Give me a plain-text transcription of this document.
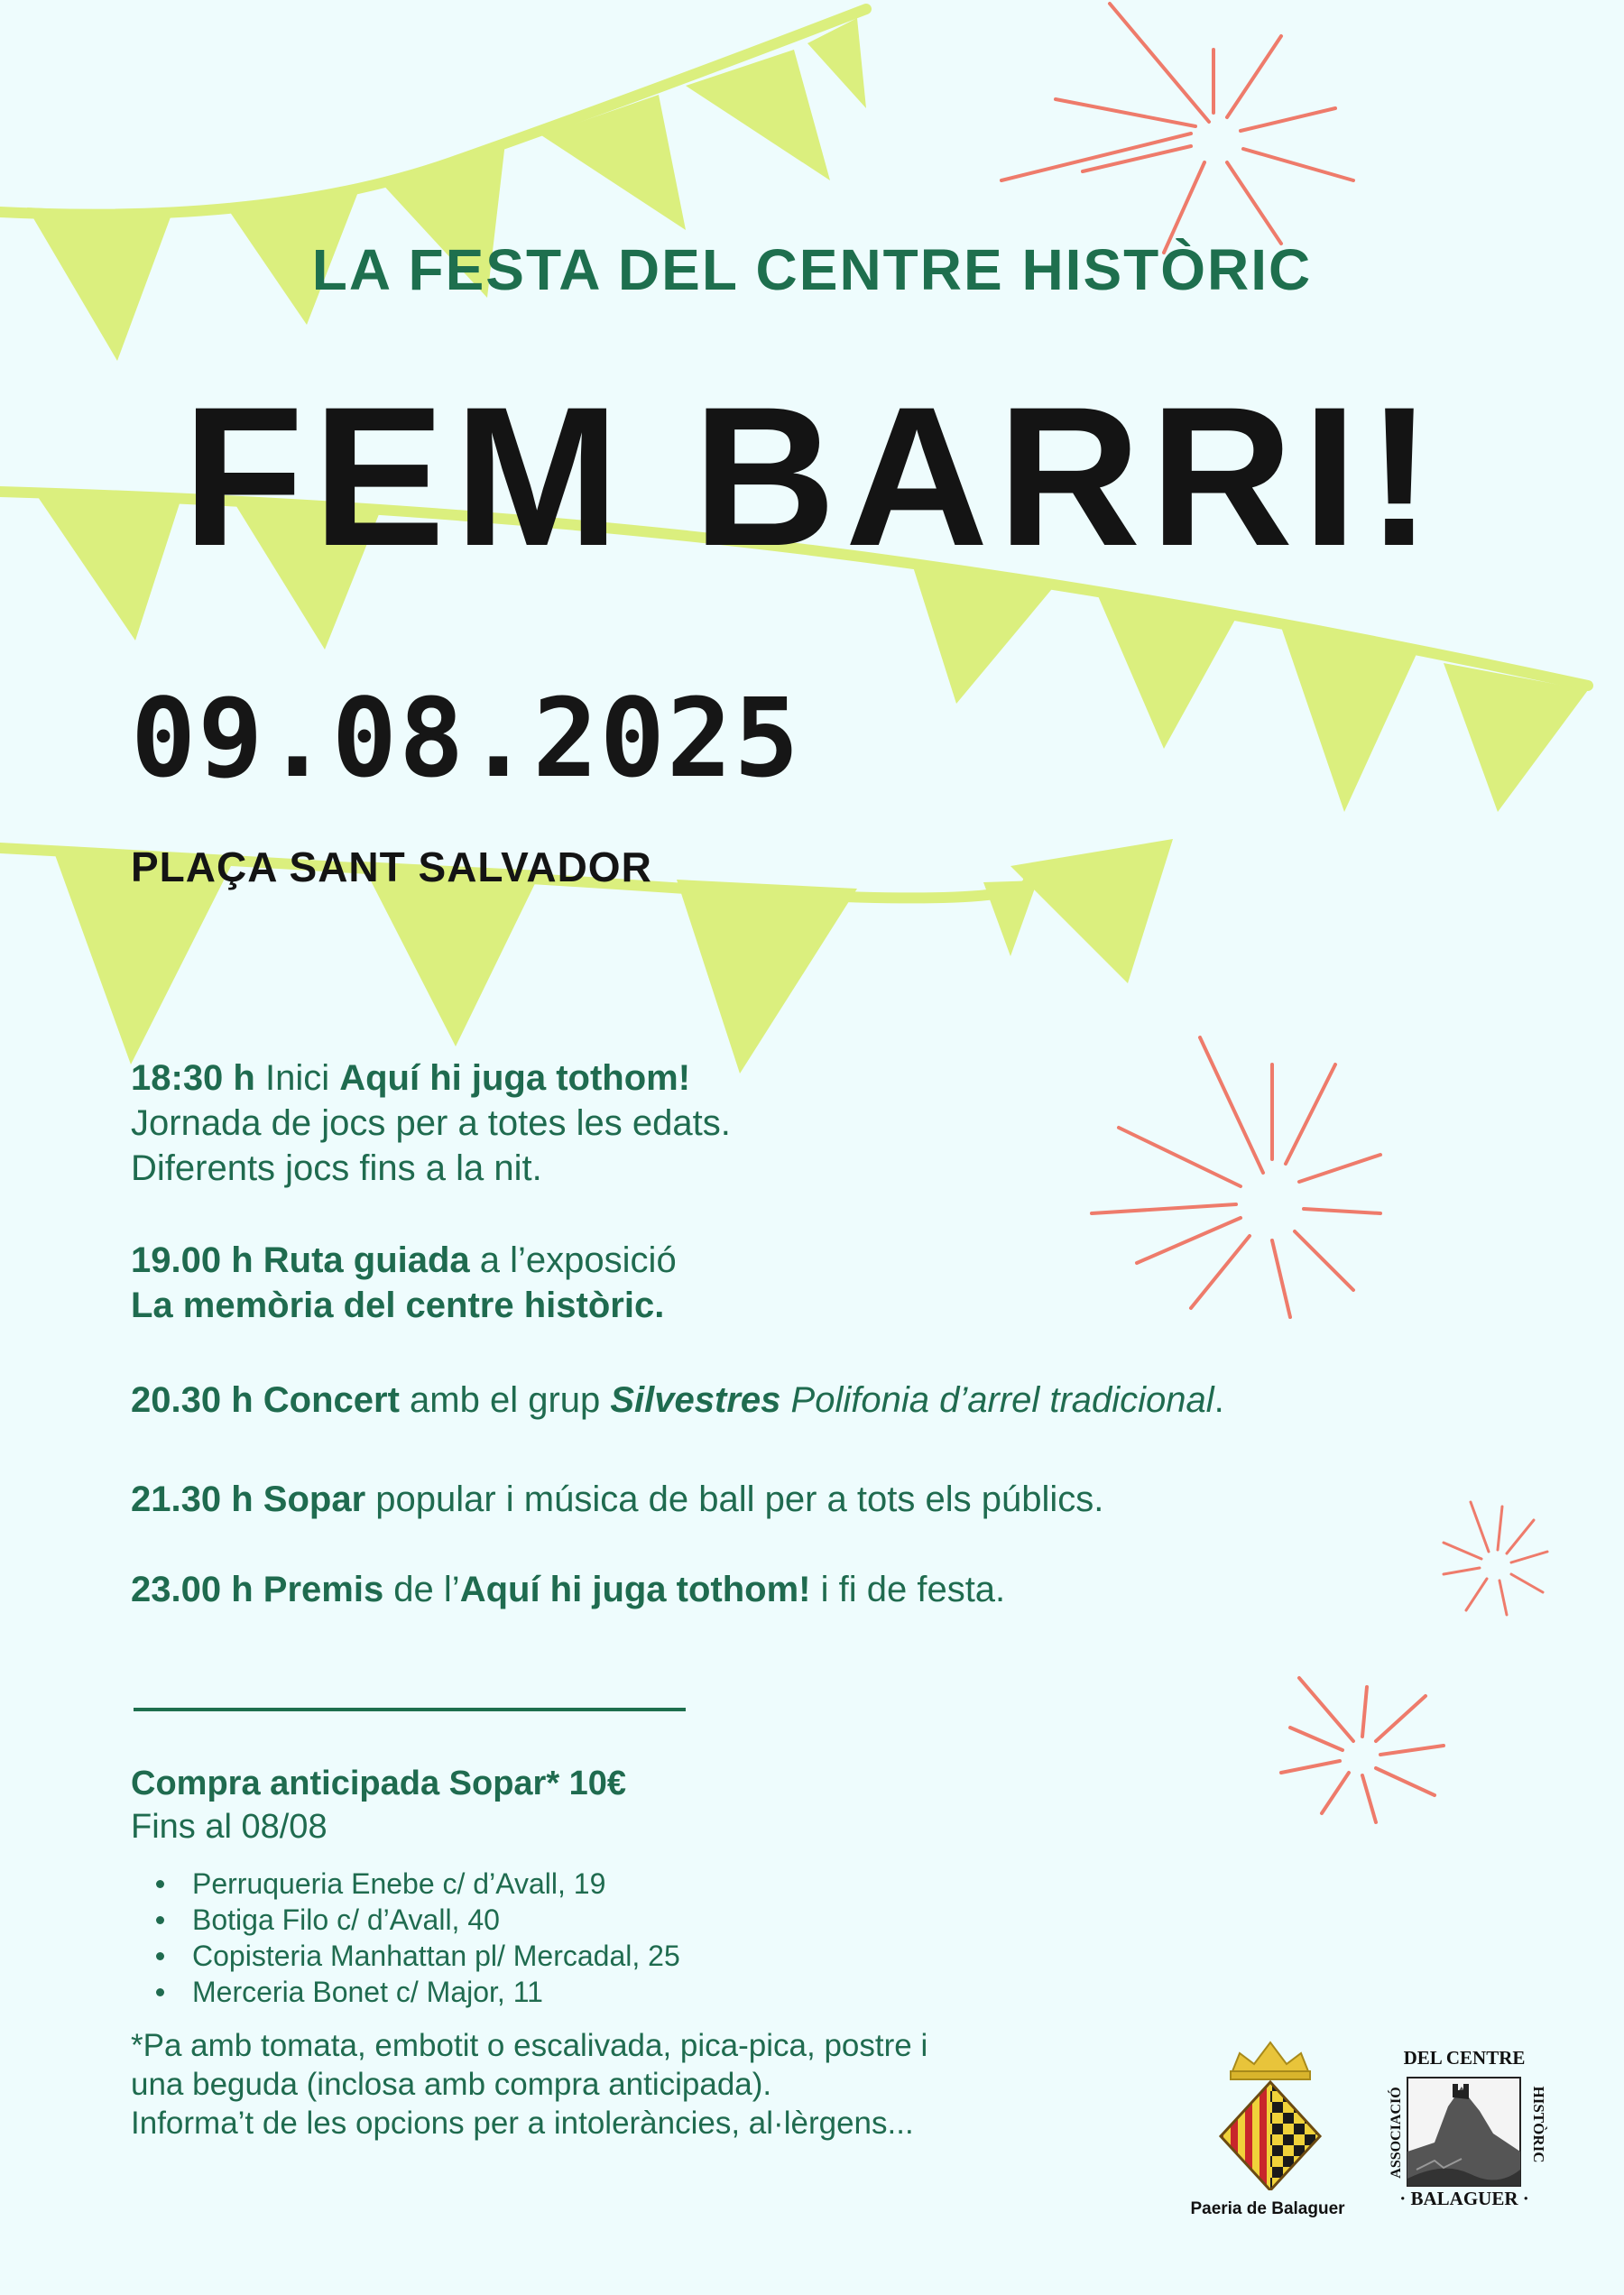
LA FESTA DEL CENTRE HISTÒRIC
FEM BARRI!
09.08.2025
PLAÇA SANT SALVADOR
18:30 h Inici Aquí hi juga tothom!
Jornada de jocs per a totes les edats.
Diferents jocs fins a la nit.
19.00 h Ruta guiada a l’exposició
La memòria del centre històric.
20.30 h Concert amb el grup Silvestres Polifonia d’arrel tradicional.
21.30 h Sopar popular i música de ball per a tots els públics.
23.00 h Premis de l’Aquí hi juga tothom! i fi de festa.
Compra anticipada Sopar* 10€
Fins al 08/08
Perruqueria Enebe c/ d’Avall, 19
Botiga Filo c/ d’Avall, 40
Copisteria Manhattan pl/ Mercadal, 25
Merceria Bonet c/ Major, 11
*Pa amb tomata, embotit o escalivada, pica-pica, postre i
una beguda (inclosa amb compra anticipada).
Informa’t de les opcions per a intoleràncies, al·lèrgens...
Paeria de Balaguer
DEL CENTRE
ASSOCIACIÓ	HISTÒRIC
· BALAGUER ·
